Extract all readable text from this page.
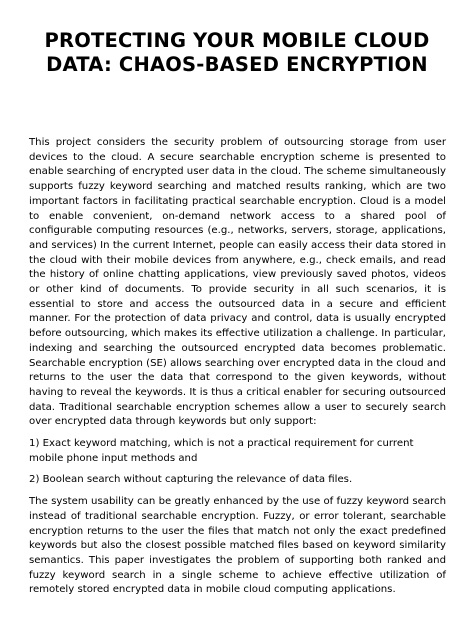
PROTECTING YOUR MOBILE CLOUD DATA: CHAOS-BASED ENCRYPTION

This project considers the security problem of outsourcing storage from user devices to the cloud. A secure searchable encryption scheme is presented to enable searching of encrypted user data in the cloud. The scheme simultaneously supports fuzzy keyword searching and matched results ranking, which are two important factors in facilitating practical searchable encryption. Cloud is a model to enable convenient, on-demand network access to a shared pool of configurable computing resources (e.g., networks, servers, storage, applications, and services) In the current Internet, people can easily access their data stored in the cloud with their mobile devices from anywhere, e.g., check emails, and read the history of online chatting applications, view previously saved photos, videos or other kind of documents. To provide security in all such scenarios, it is essential to store and access the outsourced data in a secure and efficient manner. For the protection of data privacy and control, data is usually encrypted before outsourcing, which makes its effective utilization a challenge. In particular, indexing and searching the outsourced encrypted data becomes problematic. Searchable encryption (SE) allows searching over encrypted data in the cloud and returns to the user the data that correspond to the given keywords, without having to reveal the keywords. It is thus a critical enabler for securing outsourced data. Traditional searchable encryption schemes allow a user to securely search over encrypted data through keywords but only support:

1) Exact keyword matching, which is not a practical requirement for current mobile phone input methods and

2) Boolean search without capturing the relevance of data files.

The system usability can be greatly enhanced by the use of fuzzy keyword search instead of traditional searchable encryption. Fuzzy, or error tolerant, searchable encryption returns to the user the files that match not only the exact predefined keywords but also the closest possible matched files based on keyword similarity semantics. This paper investigates the problem of supporting both ranked and fuzzy keyword search in a single scheme to achieve effective utilization of remotely stored encrypted data in mobile cloud computing applications.
